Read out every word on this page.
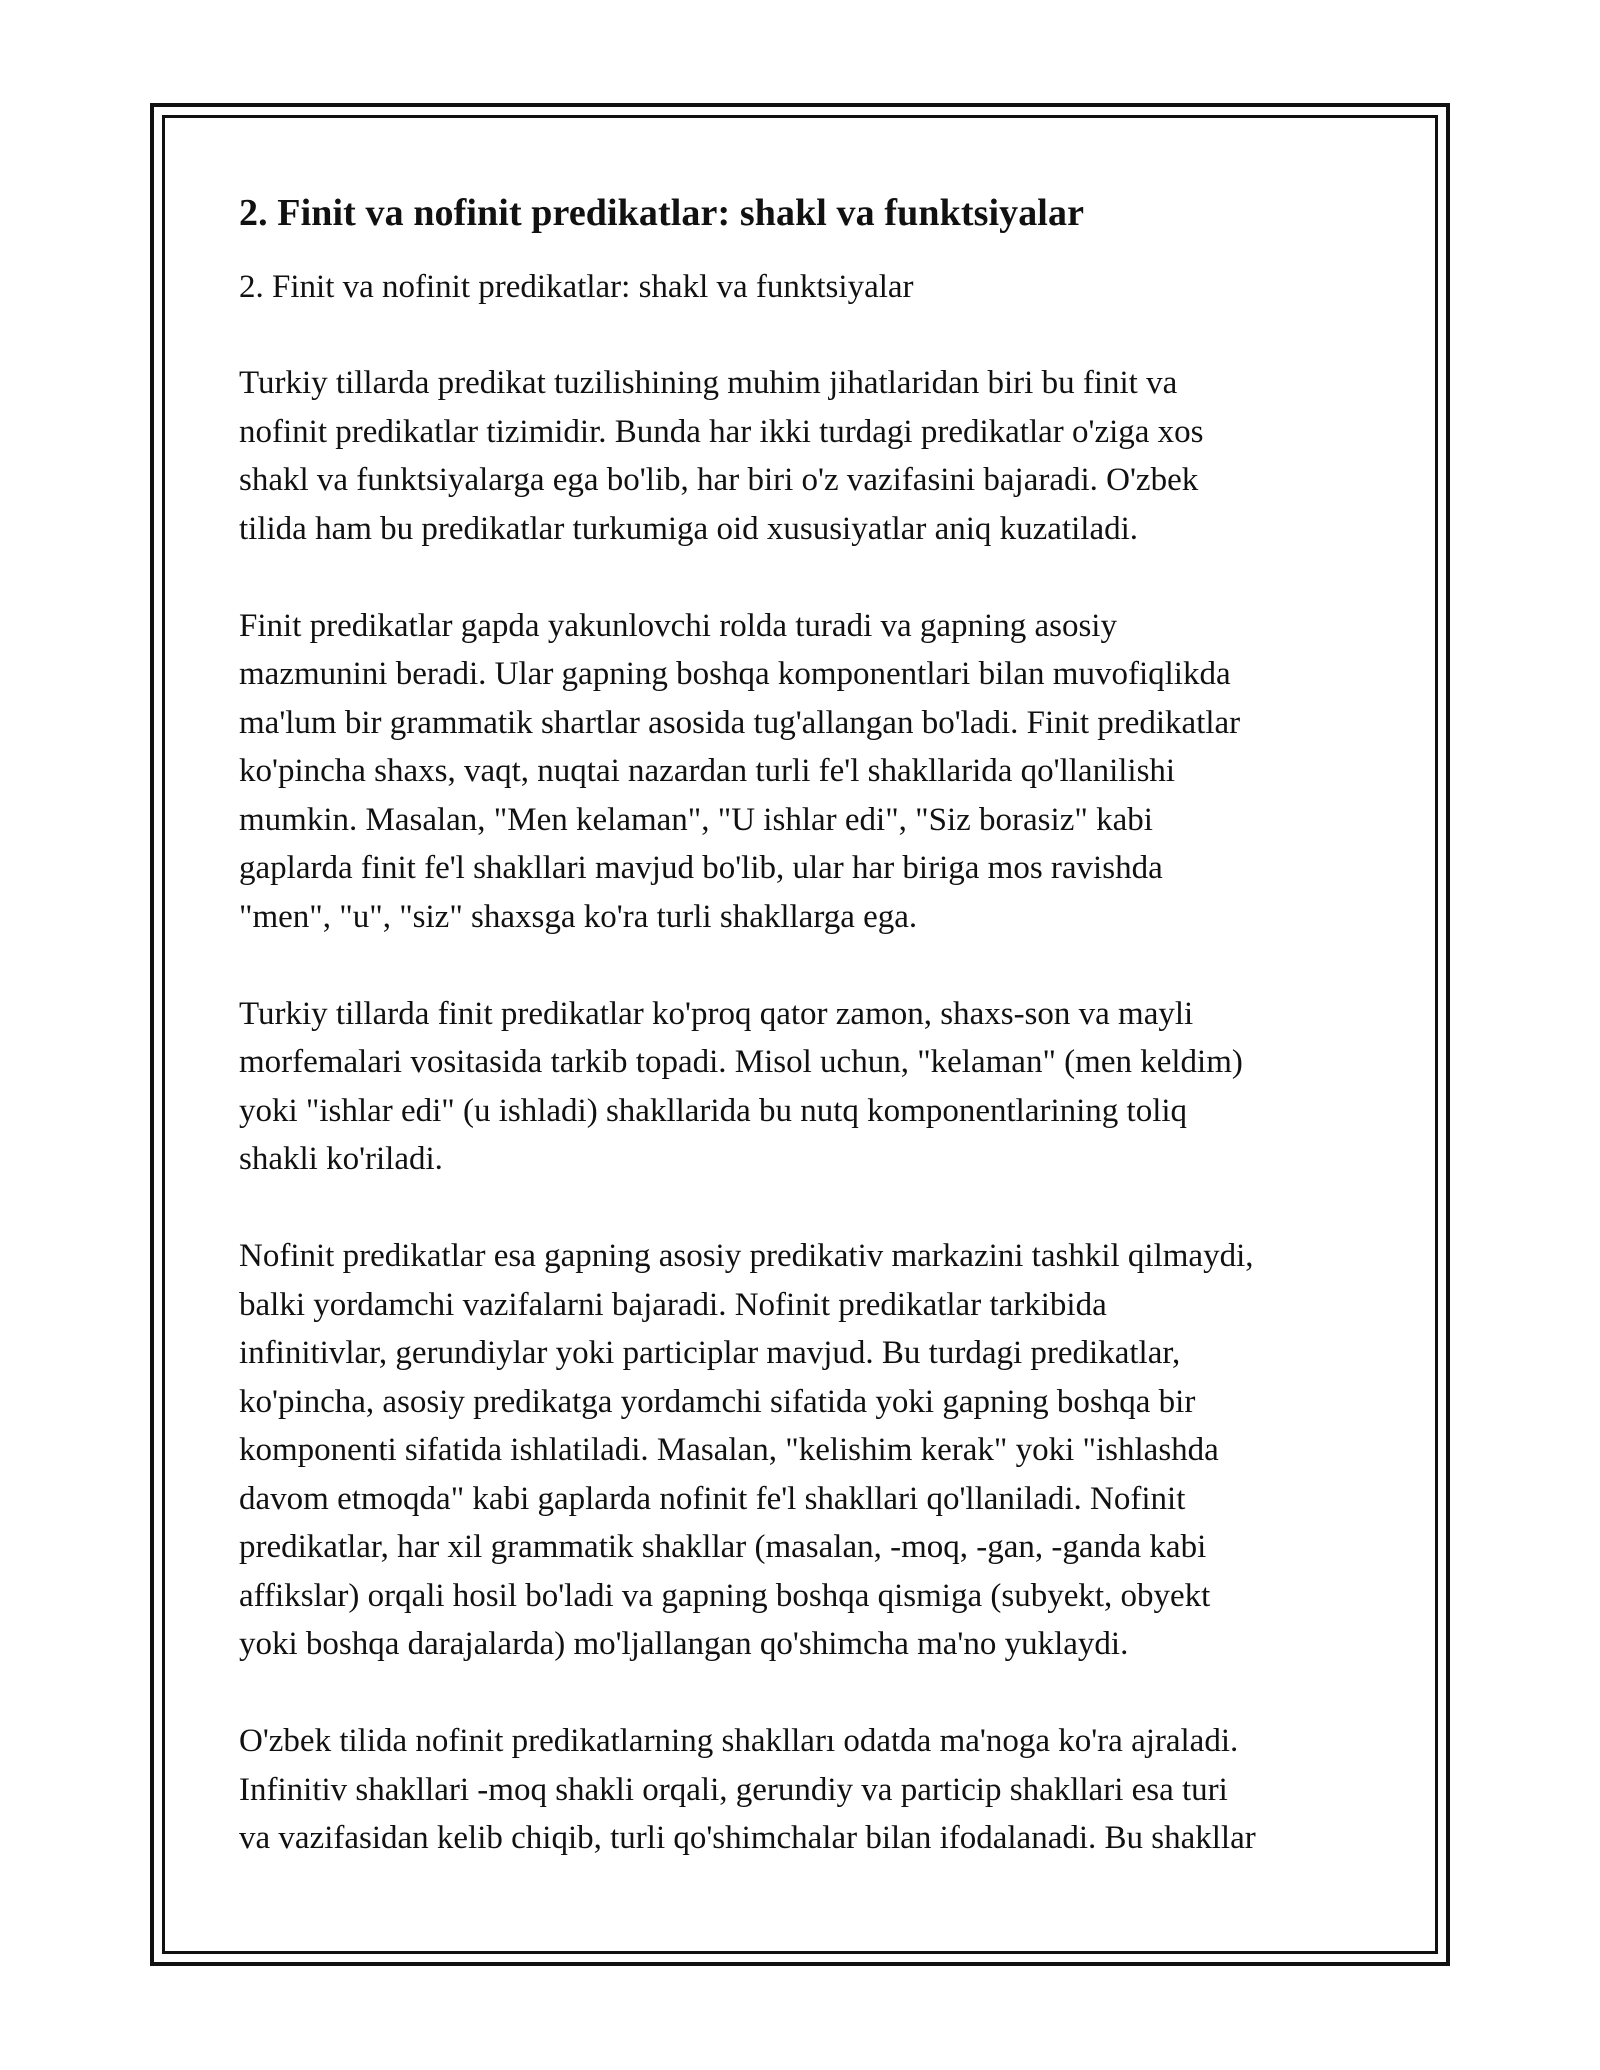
2. Finit va nofinit predikatlar: shakl va funktsiyalar

2. Finit va nofinit predikatlar: shakl va funktsiyalar

Turkiy tillarda predikat tuzilishining muhim jihatlaridan biri bu finit va
nofinit predikatlar tizimidir. Bunda har ikki turdagi predikatlar o'ziga xos
shakl va funktsiyalarga ega bo'lib, har biri o'z vazifasini bajaradi. O'zbek
tilida ham bu predikatlar turkumiga oid xususiyatlar aniq kuzatiladi.

Finit predikatlar gapda yakunlovchi rolda turadi va gapning asosiy
mazmunini beradi. Ular gapning boshqa komponentlari bilan muvofiqlikda
ma'lum bir grammatik shartlar asosida tug'allangan bo'ladi. Finit predikatlar
ko'pincha shaxs, vaqt, nuqtai nazardan turli fe'l shakllarida qo'llanilishi
mumkin. Masalan, "Men kelaman", "U ishlar edi", "Siz borasiz" kabi
gaplarda finit fe'l shakllari mavjud bo'lib, ular har biriga mos ravishda
"men", "u", "siz" shaxsga ko'ra turli shakllarga ega.

Turkiy tillarda finit predikatlar ko'proq qator zamon, shaxs-son va mayli
morfemalari vositasida tarkib topadi. Misol uchun, "kelaman" (men keldim)
yoki "ishlar edi" (u ishladi) shakllarida bu nutq komponentlarining toliq
shakli ko'riladi.

Nofinit predikatlar esa gapning asosiy predikativ markazini tashkil qilmaydi,
balki yordamchi vazifalarni bajaradi. Nofinit predikatlar tarkibida
infinitivlar, gerundiylar yoki participlar mavjud. Bu turdagi predikatlar,
ko'pincha, asosiy predikatga yordamchi sifatida yoki gapning boshqa bir
komponenti sifatida ishlatiladi. Masalan, "kelishim kerak" yoki "ishlashda
davom etmoqda" kabi gaplarda nofinit fe'l shakllari qo'llaniladi. Nofinit
predikatlar, har xil grammatik shakllar (masalan, -moq, -gan, -ganda kabi
affikslar) orqali hosil bo'ladi va gapning boshqa qismiga (subyekt, obyekt
yoki boshqa darajalarda) mo'ljallangan qo'shimcha ma'no yuklaydi.

O'zbek tilida nofinit predikatlarning shaklları odatda ma'noga ko'ra ajraladi.
Infinitiv shakllari -moq shakli orqali, gerundiy va particip shakllari esa turi
va vazifasidan kelib chiqib, turli qo'shimchalar bilan ifodalanadi. Bu shakllar
